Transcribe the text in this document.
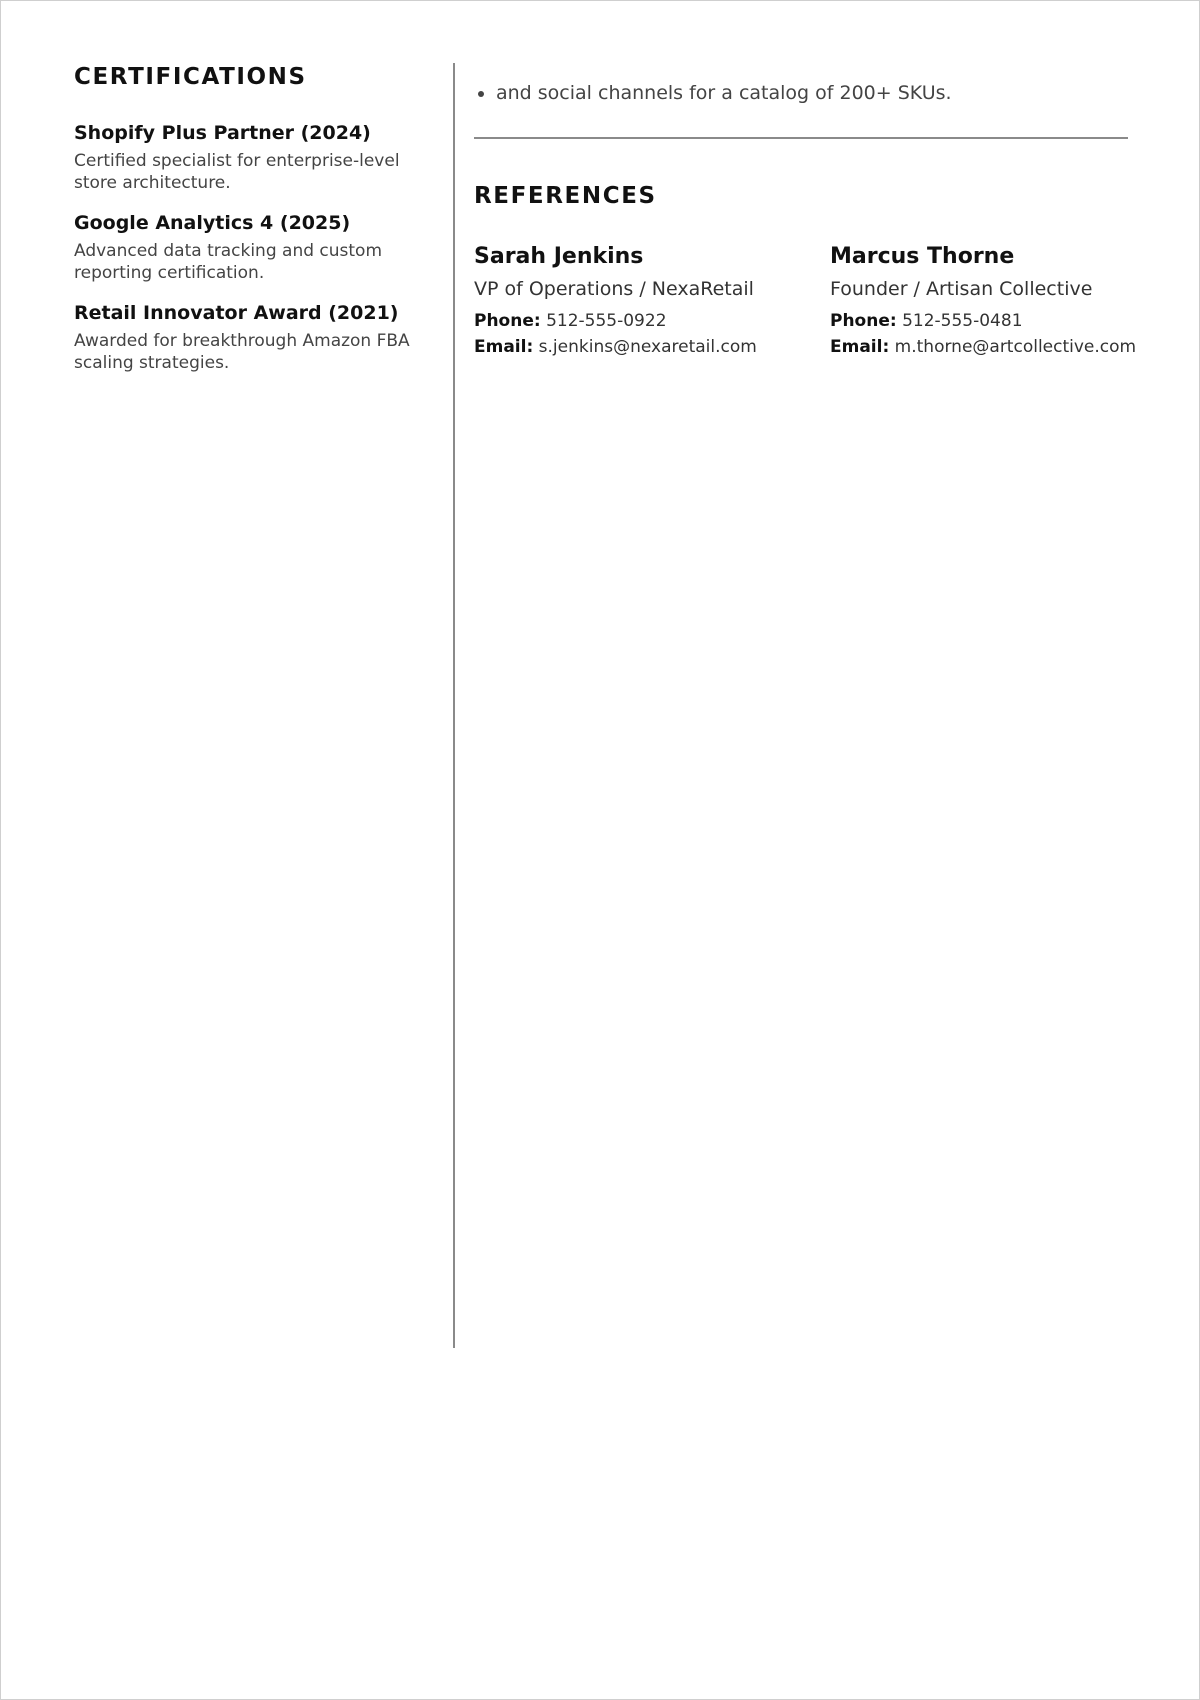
CERTIFICATIONS
Shopify Plus Partner (2024)
Certified specialist for enterprise-level store architecture.
Google Analytics 4 (2025)
Advanced data tracking and custom reporting certification.
Retail Innovator Award (2021)
Awarded for breakthrough Amazon FBA scaling strategies.
• and social channels for a catalog of 200+ SKUs.
REFERENCES
Sarah Jenkins
VP of Operations / NexaRetail
Phone: 512-555-0922
Email: s.jenkins@nexaretail.com
Marcus Thorne
Founder / Artisan Collective
Phone: 512-555-0481
Email: m.thorne@artcollective.com
